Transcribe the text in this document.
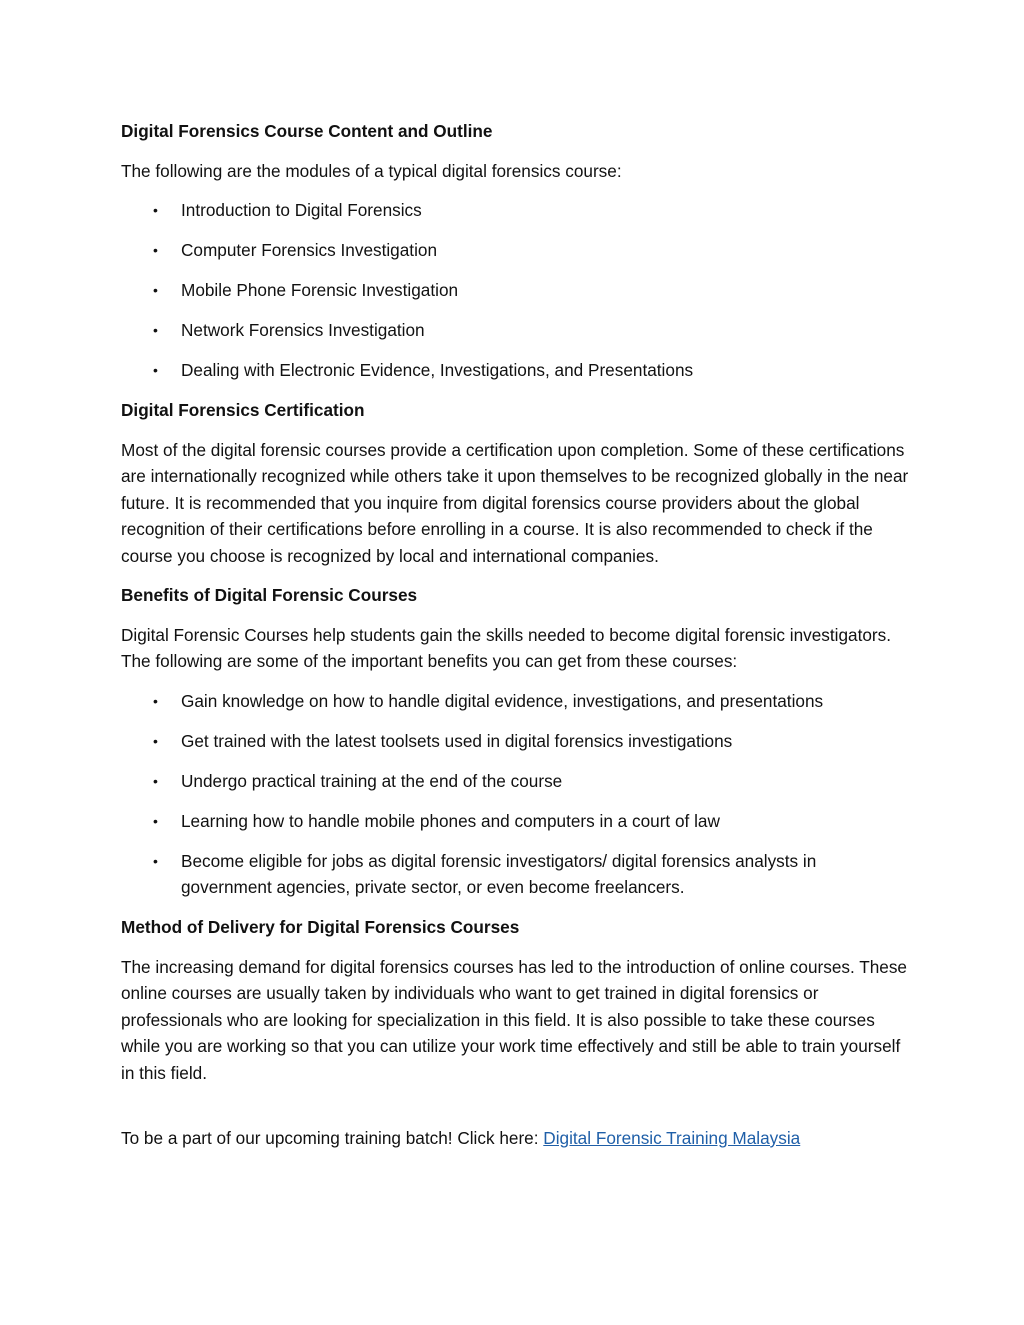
Digital Forensics Course Content and Outline
The following are the modules of a typical digital forensics course:
• Introduction to Digital Forensics
• Computer Forensics Investigation
• Mobile Phone Forensic Investigation
• Network Forensics Investigation
• Dealing with Electronic Evidence, Investigations, and Presentations
Digital Forensics Certification
Most of the digital forensic courses provide a certification upon completion. Some of these certifications are internationally recognized while others take it upon themselves to be recognized globally in the near future. It is recommended that you inquire from digital forensics course providers about the global recognition of their certifications before enrolling in a course. It is also recommended to check if the course you choose is recognized by local and international companies.
Benefits of Digital Forensic Courses
Digital Forensic Courses help students gain the skills needed to become digital forensic investigators. The following are some of the important benefits you can get from these courses:
• Gain knowledge on how to handle digital evidence, investigations, and presentations
• Get trained with the latest toolsets used in digital forensics investigations
• Undergo practical training at the end of the course
• Learning how to handle mobile phones and computers in a court of law
• Become eligible for jobs as digital forensic investigators/ digital forensics analysts in government agencies, private sector, or even become freelancers.
Method of Delivery for Digital Forensics Courses
The increasing demand for digital forensics courses has led to the introduction of online courses. These online courses are usually taken by individuals who want to get trained in digital forensics or professionals who are looking for specialization in this field. It is also possible to take these courses while you are working so that you can utilize your work time effectively and still be able to train yourself in this field.
To be a part of our upcoming training batch! Click here: Digital Forensic Training Malaysia
